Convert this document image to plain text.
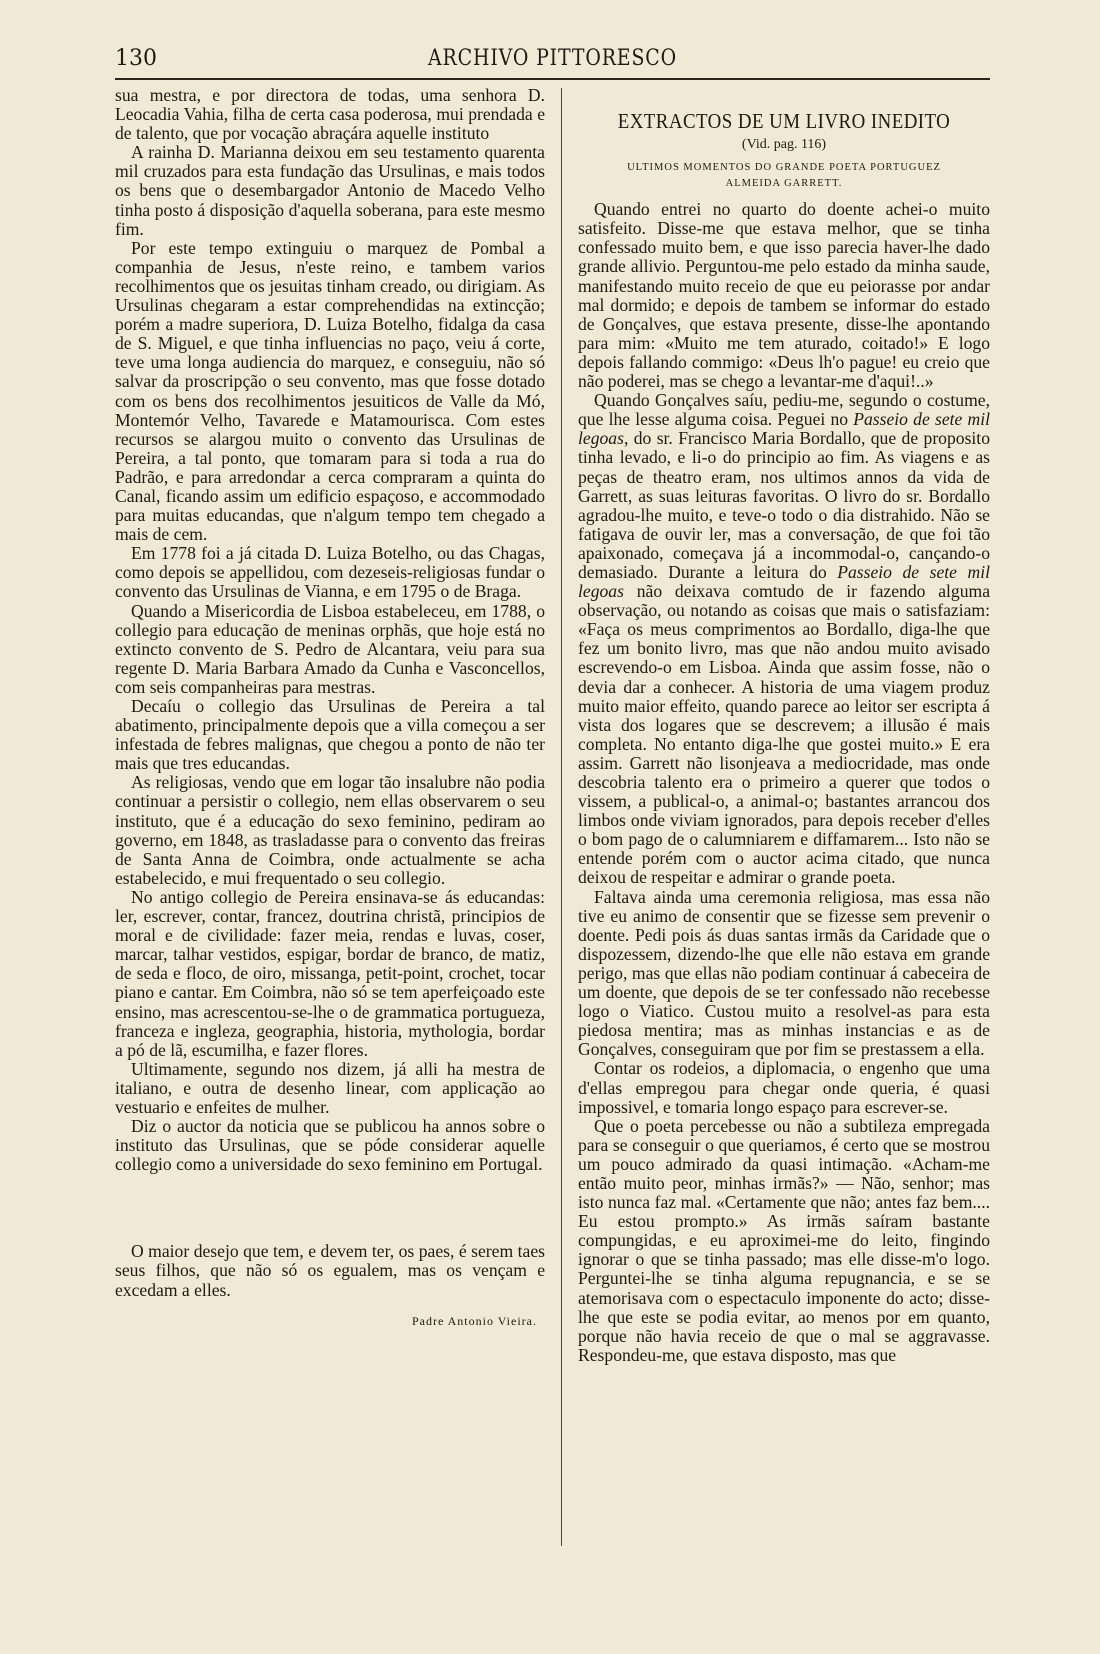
130	ARCHIVO PITTORESCO

sua mestra, e por directora de todas, uma senhora D. Leocadia Vahia, filha de certa casa poderosa, mui prendada e de talento, que por vocação abraçára aquelle instituto

A rainha D. Marianna deixou em seu testamento quarenta mil cruzados para esta fundação das Ursulinas, e mais todos os bens que o desembargador Antonio de Macedo Velho tinha posto á disposição d'aquella soberana, para este mesmo fim.

Por este tempo extinguiu o marquez de Pombal a companhia de Jesus, n'este reino, e tambem varios recolhimentos que os jesuitas tinham creado, ou dirigiam. As Ursulinas chegaram a estar comprehendidas na extincção; porém a madre superiora, D. Luiza Botelho, fidalga da casa de S. Miguel, e que tinha influencias no paço, veiu á corte, teve uma longa audiencia do marquez, e conseguiu, não só salvar da proscripção o seu convento, mas que fosse dotado com os bens dos recolhimentos jesuiticos de Valle da Mó, Montemór Velho, Tavarede e Matamourisca. Com estes recursos se alargou muito o convento das Ursulinas de Pereira, a tal ponto, que tomaram para si toda a rua do Padrão, e para arredondar a cerca compraram a quinta do Canal, ficando assim um edificio espaçoso, e accommodado para muitas educandas, que n'algum tempo tem chegado a mais de cem.

Em 1778 foi a já citada D. Luiza Botelho, ou das Chagas, como depois se appellidou, com dezeseis-religiosas fundar o convento das Ursulinas de Vianna, e em 1795 o de Braga.

Quando a Misericordia de Lisboa estabeleceu, em 1788, o collegio para educação de meninas orphãs, que hoje está no extincto convento de S. Pedro de Alcantara, veiu para sua regente D. Maria Barbara Amado da Cunha e Vasconcellos, com seis companheiras para mestras.

Decaíu o collegio das Ursulinas de Pereira a tal abatimento, principalmente depois que a villa começou a ser infestada de febres malignas, que chegou a ponto de não ter mais que tres educandas.

As religiosas, vendo que em logar tão insalubre não podia continuar a persistir o collegio, nem ellas observarem o seu instituto, que é a educação do sexo feminino, pediram ao governo, em 1848, as trasladasse para o convento das freiras de Santa Anna de Coimbra, onde actualmente se acha estabelecido, e mui frequentado o seu collegio.

No antigo collegio de Pereira ensinava-se ás educandas: ler, escrever, contar, francez, doutrina christã, principios de moral e de civilidade: fazer meia, rendas e luvas, coser, marcar, talhar vestidos, espigar, bordar de branco, de matiz, de seda e floco, de oiro, missanga, petit-point, crochet, tocar piano e cantar. Em Coimbra, não só se tem aperfeiçoado este ensino, mas acrescentou-se-lhe o de grammatica portugueza, franceza e ingleza, geographia, historia, mythologia, bordar a pó de lã, escumilha, e fazer flores.

Ultimamente, segundo nos dizem, já alli ha mestra de italiano, e outra de desenho linear, com applicação ao vestuario e enfeites de mulher.

Diz o auctor da noticia que se publicou ha annos sobre o instituto das Ursulinas, que se póde considerar aquelle collegio como a universidade do sexo feminino em Portugal.

O maior desejo que tem, e devem ter, os paes, é serem taes seus filhos, que não só os egualem, mas os vençam e excedam a elles.

Padre Antonio Vieira.
EXTRACTOS DE UM LIVRO INEDITO
(Vid. pag. 116)
ULTIMOS MOMENTOS DO GRANDE POETA PORTUGUEZ
ALMEIDA GARRETT.

Quando entrei no quarto do doente achei-o muito satisfeito. Disse-me que estava melhor, que se tinha confessado muito bem, e que isso parecia haver-lhe dado grande allivio. Perguntou-me pelo estado da minha saude, manifestando muito receio de que eu peiorasse por andar mal dormido; e depois de tambem se informar do estado de Gonçalves, que estava presente, disse-lhe apontando para mim: «Muito me tem aturado, coitado!» E logo depois fallando commigo: «Deus lh'o pague! eu creio que não poderei, mas se chego a levantar-me d'aqui!..»

Quando Gonçalves saíu, pediu-me, segundo o costume, que lhe lesse alguma coisa. Peguei no Passeio de sete mil legoas, do sr. Francisco Maria Bordallo, que de proposito tinha levado, e li-o do principio ao fim. As viagens e as peças de theatro eram, nos ultimos annos da vida de Garrett, as suas leituras favoritas. O livro do sr. Bordallo agradou-lhe muito, e teve-o todo o dia distrahido. Não se fatigava de ouvir ler, mas a conversação, de que foi tão apaixonado, começava já a incommodal-o, cançando-o demasiado. Durante a leitura do Passeio de sete mil legoas não deixava comtudo de ir fazendo alguma observação, ou notando as coisas que mais o satisfaziam: «Faça os meus comprimentos ao Bordallo, diga-lhe que fez um bonito livro, mas que não andou muito avisado escrevendo-o em Lisboa. Ainda que assim fosse, não o devia dar a conhecer. A historia de uma viagem produz muito maior effeito, quando parece ao leitor ser escripta á vista dos logares que se descrevem; a illusão é mais completa. No entanto diga-lhe que gostei muito.» E era assim. Garrett não lisonjeava a mediocridade, mas onde descobria talento era o primeiro a querer que todos o vissem, a publical-o, a animal-o; bastantes arrancou dos limbos onde viviam ignorados, para depois receber d'elles o bom pago de o calumniarem e diffamarem... Isto não se entende porém com o auctor acima citado, que nunca deixou de respeitar e admirar o grande poeta.

Faltava ainda uma ceremonia religiosa, mas essa não tive eu animo de consentir que se fizesse sem prevenir o doente. Pedi pois ás duas santas irmãs da Caridade que o dispozessem, dizendo-lhe que elle não estava em grande perigo, mas que ellas não podiam continuar á cabeceira de um doente, que depois de se ter confessado não recebesse logo o Viatico. Custou muito a resolvel-as para esta piedosa mentira; mas as minhas instancias e as de Gonçalves, conseguiram que por fim se prestassem a ella.

Contar os rodeios, a diplomacia, o engenho que uma d'ellas empregou para chegar onde queria, é quasi impossivel, e tomaria longo espaço para escrever-se.

Que o poeta percebesse ou não a subtileza empregada para se conseguir o que queriamos, é certo que se mostrou um pouco admirado da quasi intimação. «Acham-me então muito peor, minhas irmãs?» — Não, senhor; mas isto nunca faz mal. «Certamente que não; antes faz bem.... Eu estou prompto.» As irmãs saíram bastante compungidas, e eu aproximei-me do leito, fingindo ignorar o que se tinha passado; mas elle disse-m'o logo. Perguntei-lhe se tinha alguma repugnancia, e se se atemorisava com o espectaculo imponente do acto; disse-lhe que este se podia evitar, ao menos por em quanto, porque não havia receio de que o mal se aggravasse. Respondeu-me, que estava disposto, mas que
